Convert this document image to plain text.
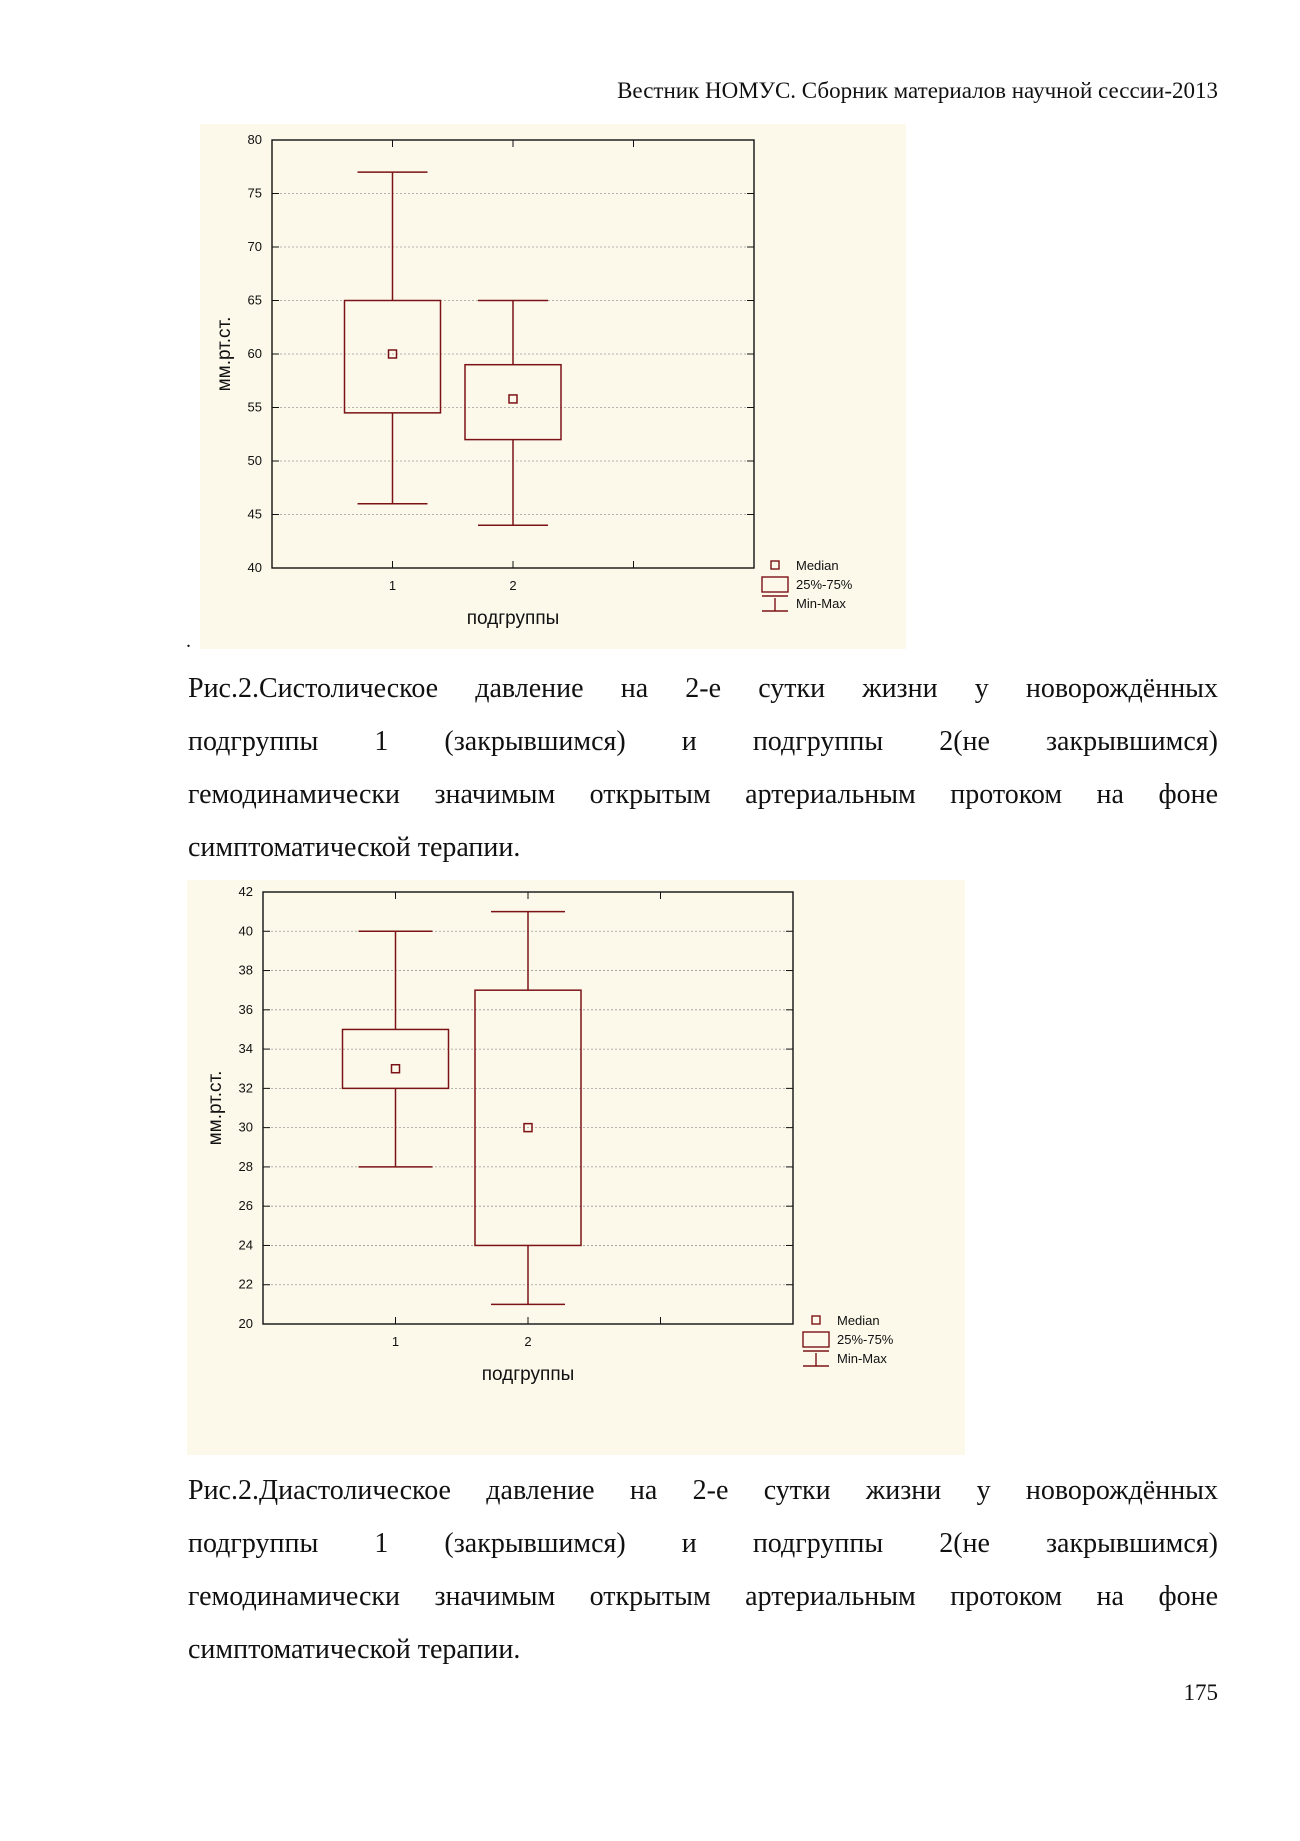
Вестник НОМУС. Сборник материалов научной сессии-2013
40
45
50
55
60
65
70
75
80
1	2
подгруппы
мм.рт.ст.
Median
25%-75%
Min-Max
.
Рис.2.Систолическое давление на 2-е сутки жизни у новорождённых
подгруппы 1 (закрывшимся) и подгруппы 2(не закрывшимся)
гемодинамически значимым открытым артериальным протоком на фоне
симптоматической терапии.
20
22
24
26
28
30
32
34
36
38
40
42
1	2
подгруппы
мм.рт.ст.
Median
25%-75%
Min-Max
Рис.2.Диастолическое давление на 2-е сутки жизни у новорождённых
подгруппы 1 (закрывшимся) и подгруппы 2(не закрывшимся)
гемодинамически значимым открытым артериальным протоком на фоне
симптоматической терапии.
175
